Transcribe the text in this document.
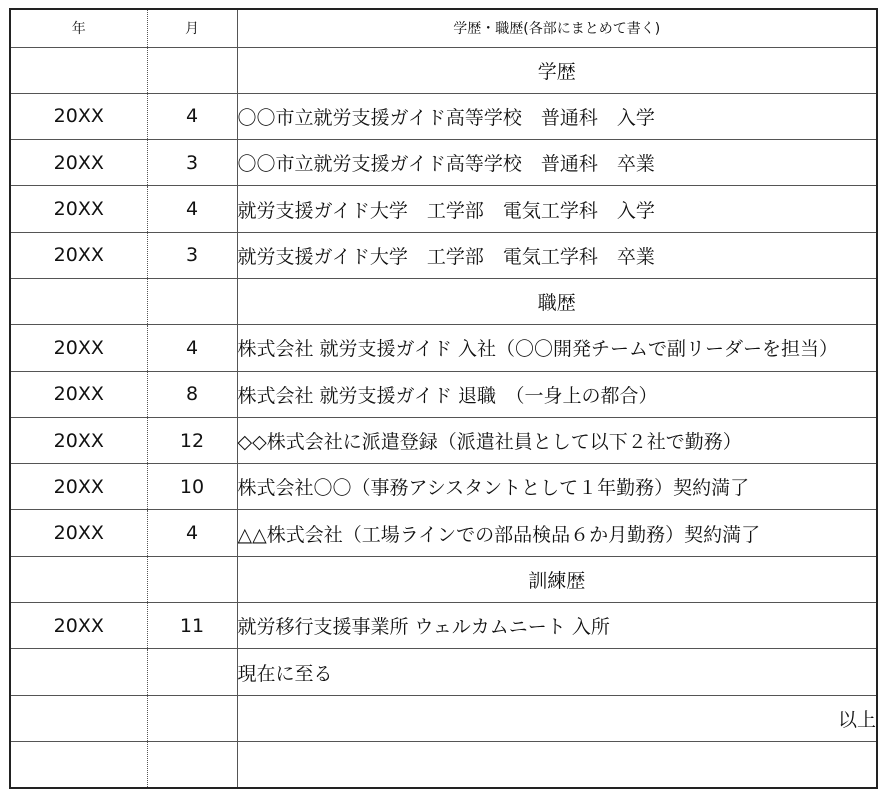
年	月	学歴・職歴(各部にまとめて書く)
		学歴
20XX	4	〇〇市立就労支援ガイド高等学校　普通科　入学
20XX	3	〇〇市立就労支援ガイド高等学校　普通科　卒業
20XX	4	就労支援ガイド大学　工学部　電気工学科　入学
20XX	3	就労支援ガイド大学　工学部　電気工学科　卒業
		職歴
20XX	4	株式会社 就労支援ガイド 入社（〇〇開発チームで副リーダーを担当）
20XX	8	株式会社 就労支援ガイド 退職　（一身上の都合）
20XX	12	◇◇株式会社に派遣登録（派遣社員として以下２社で勤務）
20XX	10	株式会社〇〇（事務アシスタントとして１年勤務）契約満了
20XX	4	△△株式会社（工場ラインでの部品検品６か月勤務）契約満了
		訓練歴
20XX	11	就労移行支援事業所 ウェルカムニート 入所
		現在に至る
		以上
